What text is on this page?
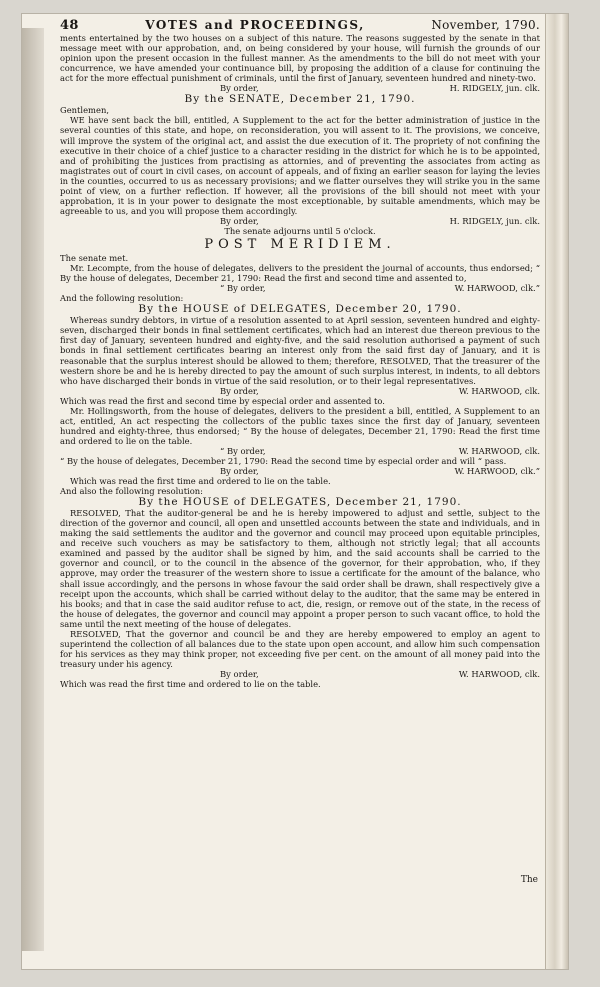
48	VOTES and PROCEEDINGS,	November, 1790.

ments entertained by the two houses on a subject of this nature. The reasons suggested by the senate in that message meet with our approbation, and, on being considered by your house, will furnish the grounds of our opinion upon the present occasion in the fullest manner. As the amendments to the bill do not meet with your concurrence, we have amended your continuance bill, by proposing the addition of a clause for continuing the act for the more effectual punishment of criminals, until the first of January, seventeen hundred and ninety-two.

By order,	H. RIDGELY, jun. clk.

By the SENATE, December 21, 1790.

Gentlemen,

WE have sent back the bill, entitled, A Supplement to the act for the better administration of justice in the several counties of this state, and hope, on reconsideration, you will assent to it. The provisions, we conceive, will improve the system of the original act, and assist the due execution of it. The propriety of not confining the executive in their choice of a chief justice to a character residing in the district for which he is to be appointed, and of prohibiting the justices from practising as attornies, and of preventing the associates from acting as magistrates out of court in civil cases, on account of appeals, and of fixing an earlier season for laying the levies in the counties, occurred to us as necessary provisions; and we flatter ourselves they will strike you in the same point of view, on a further reflection. If however, all the provisions of the bill should not meet with your approbation, it is in your power to designate the most exceptionable, by suitable amendments, which may be agreeable to us, and you will propose them accordingly.

By order,	H. RIDGELY, jun. clk.

The senate adjourns until 5 o'clock.

POST MERIDIEM.

The senate met.

Mr. Lecompte, from the house of delegates, delivers to the president the journal of accounts, thus endorsed; “ By the house of delegates, December 21, 1790: Read the first and second time and assented to,

“ By order,	W. HARWOOD, clk.”

And the following resolution:

By the HOUSE of DELEGATES, December 20, 1790.

Whereas sundry debtors, in virtue of a resolution assented to at April session, seventeen hundred and eighty-seven, discharged their bonds in final settlement certificates, which had an interest due thereon previous to the first day of January, seventeen hundred and eighty-five, and the said resolution authorised a payment of such bonds in final settlement certificates bearing an interest only from the said first day of January, and it is reasonable that the surplus interest should be allowed to them; therefore, RESOLVED, That the treasurer of the western shore be and he is hereby directed to pay the amount of such surplus interest, in indents, to all debtors who have discharged their bonds in virtue of the said resolution, or to their legal representatives.

By order,	W. HARWOOD, clk.

Which was read the first and second time by especial order and assented to.

Mr. Hollingsworth, from the house of delegates, delivers to the president a bill, entitled, A Supplement to an act, entitled, An act respecting the collectors of the public taxes since the first day of January, seventeen hundred and eighty-three, thus endorsed; “ By the house of delegates, December 21, 1790: Read the first time and ordered to lie on the table.

“ By order,	W. HARWOOD, clk.

“ By the house of delegates, December 21, 1790: Read the second time by especial order and will “ pass.

By order,	W. HARWOOD, clk.”

Which was read the first time and ordered to lie on the table.

And also the following resolution:

By the HOUSE of DELEGATES, December 21, 1790.

RESOLVED, That the auditor-general be and he is hereby impowered to adjust and settle, subject to the direction of the governor and council, all open and unsettled accounts between the state and individuals, and in making the said settlements the auditor and the governor and council may proceed upon equitable principles, and receive such vouchers as may be satisfactory to them, although not strictly legal; that all accounts examined and passed by the auditor shall be signed by him, and the said accounts shall be carried to the governor and council, or to the council in the absence of the governor, for their approbation, who, if they approve, may order the treasurer of the western shore to issue a certificate for the amount of the balance, who shall issue accordingly, and the persons in whose favour the said order shall be drawn, shall respectively give a receipt upon the accounts, which shall be carried without delay to the auditor, that the same may be entered in his books; and that in case the said auditor refuse to act, die, resign, or remove out of the state, in the recess of the house of delegates, the governor and council may appoint a proper person to such vacant office, to hold the same until the next meeting of the house of delegates.

RESOLVED, That the governor and council be and they are hereby empowered to employ an agent to superintend the collection of all balances due to the state upon open account, and allow him such compensation for his services as they may think proper, not exceeding five per cent. on the amount of all money paid into the treasury under his agency.

By order,	W. HARWOOD, clk.

Which was read the first time and ordered to lie on the table.

The
